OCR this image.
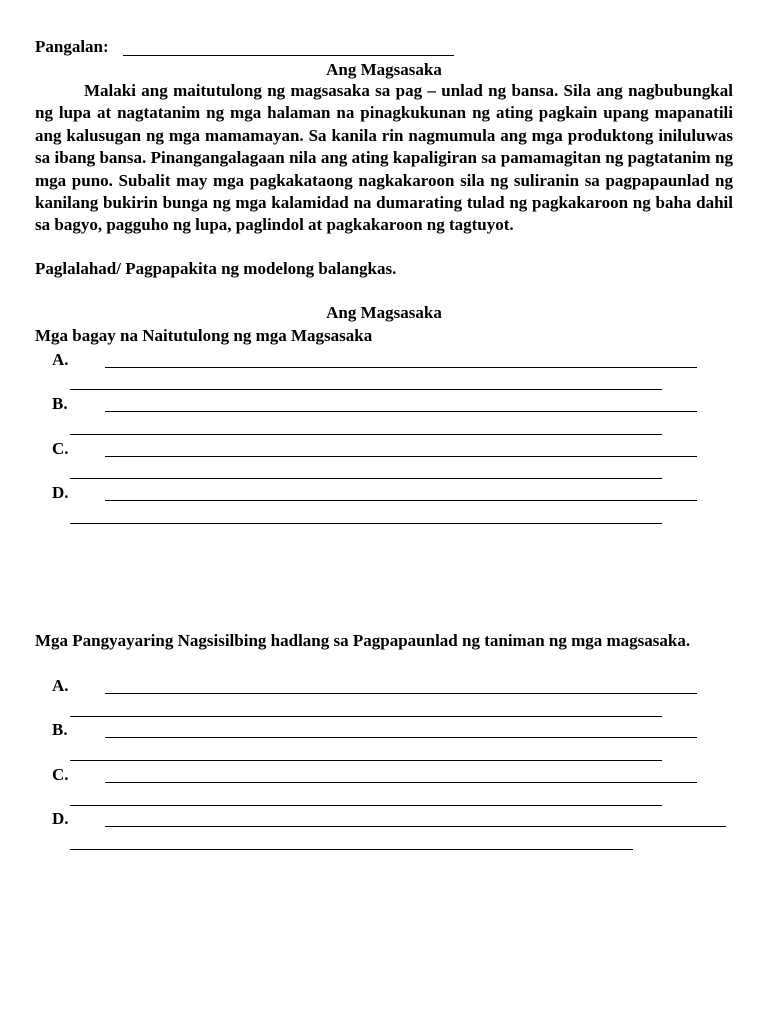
Pangalan:
Ang Magsasaka
Malaki ang maitutulong ng magsasaka sa pag – unlad ng bansa. Sila ang nagbubungkal ng lupa at nagtatanim ng mga halaman na pinagkukunan ng ating pagkain upang mapanatili ang kalusugan ng mga mamamayan. Sa kanila rin nagmumula ang mga produktong iniluluwas sa ibang bansa. Pinangangalagaan nila ang ating kapaligiran sa pamamagitan ng pagtatanim ng mga puno. Subalit may mga pagkakataong nagkakaroon sila ng suliranin sa pagpapaunlad ng kanilang bukirin bunga ng mga kalamidad na dumarating tulad ng pagkakaroon ng baha dahil sa bagyo, pagguho ng lupa, paglindol at pagkakaroon ng tagtuyot.
Paglalahad/ Pagpapakita ng modelong balangkas.
Ang Magsasaka
Mga bagay na Naitutulong ng mga Magsasaka
A.
B.
C.
D.
Mga Pangyayaring Nagsisilbing hadlang sa Pagpapaunlad ng taniman ng mga magsasaka.
A.
B.
C.
D.
